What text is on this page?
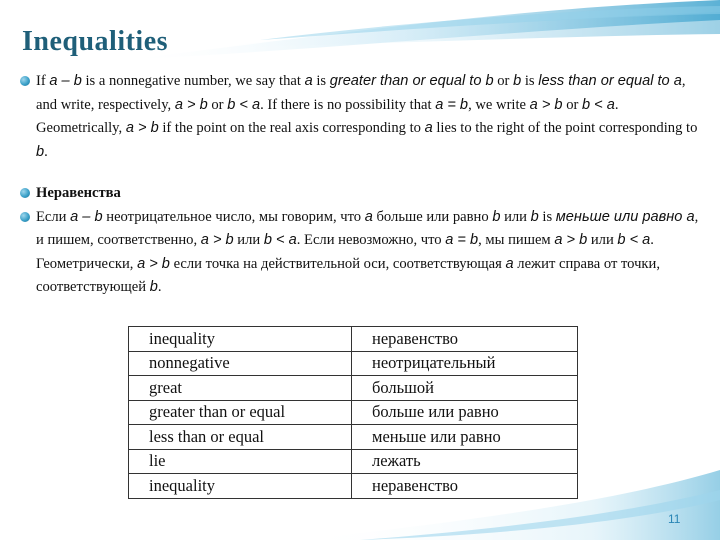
Inequalities

If a – b is a nonnegative number, we say that a is greater than or equal to b or b is less than or equal to a, and write, respectively, a > b or b < a. If there is no possibility that a = b, we write a > b or b < a. Geometrically, a > b if the point on the real axis corresponding to a lies to the right of the point corresponding to b.

Неравенства

Если a – b неотрицательное число, мы говорим, что a больше или равно b или b is меньше или равно a, и пишем, соответственно, a > b или b < a. Если невозможно, что a = b, мы пишем a > b или b < a. Геометрически, a > b если точка на действительной оси, соответствующая a лежит справа от точки, соответствующей b.

inequality	неравенство
nonnegative	неотрицательный
great	большой
greater than or equal	больше или равно
less than or equal	меньше или равно
lie	лежать
inequality	неравенство
11
